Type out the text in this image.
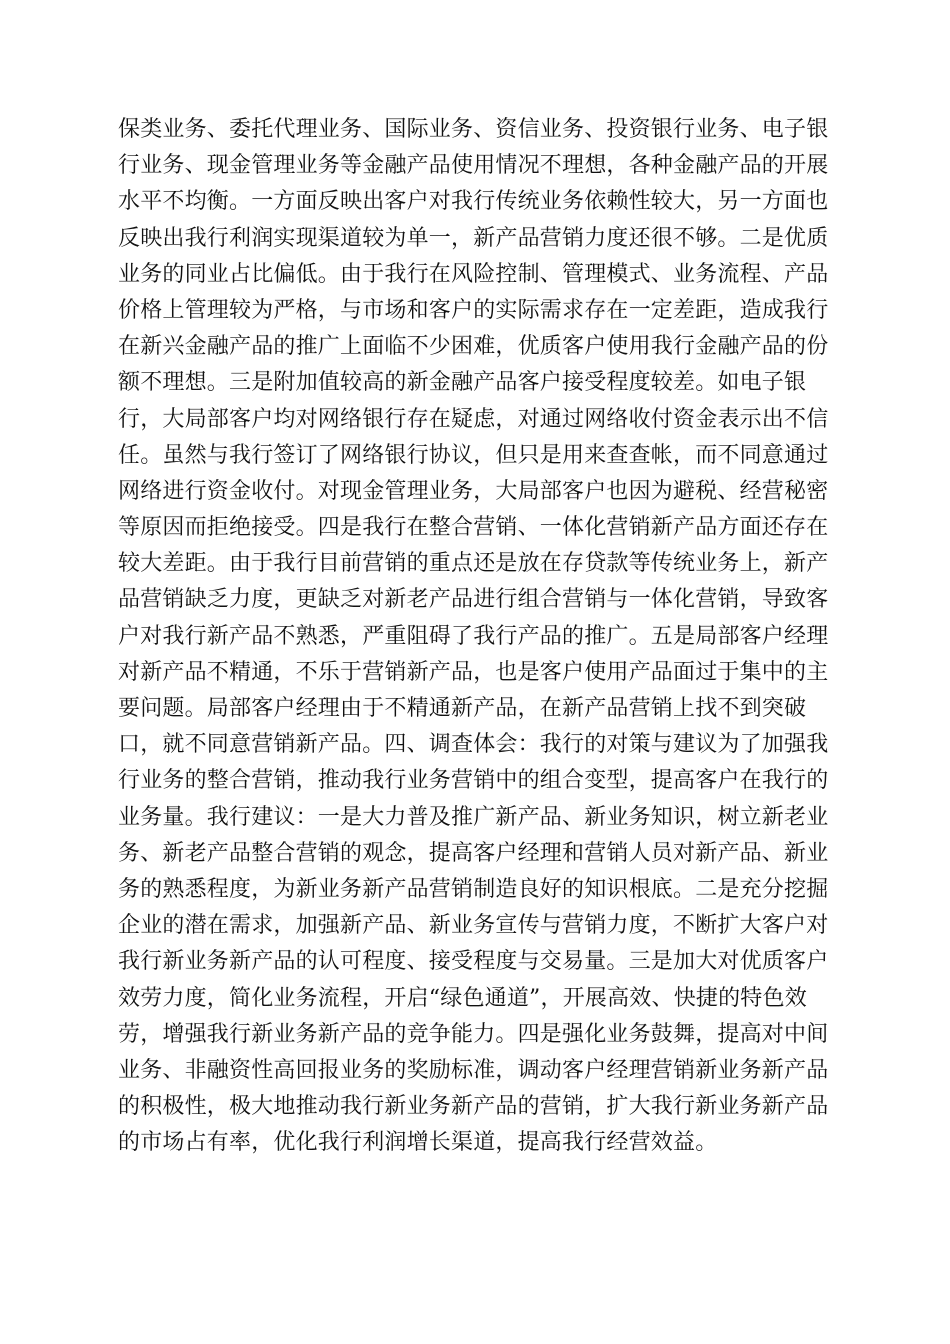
保类业务、委托代理业务、国际业务、资信业务、投资银行业务、电子银
行业务、现金管理业务等金融产品使用情况不理想，各种金融产品的开展
水平不均衡。一方面反映出客户对我行传统业务依赖性较大，另一方面也
反映出我行利润实现渠道较为单一，新产品营销力度还很不够。二是优质
业务的同业占比偏低。由于我行在风险控制、管理模式、业务流程、产品
价格上管理较为严格，与市场和客户的实际需求存在一定差距，造成我行
在新兴金融产品的推广上面临不少困难，优质客户使用我行金融产品的份
额不理想。三是附加值较高的新金融产品客户接受程度较差。如电子银
行，大局部客户均对网络银行存在疑虑，对通过网络收付资金表示出不信
任。虽然与我行签订了网络银行协议，但只是用来查查帐，而不同意通过
网络进行资金收付。对现金管理业务，大局部客户也因为避税、经营秘密
等原因而拒绝接受。四是我行在整合营销、一体化营销新产品方面还存在
较大差距。由于我行目前营销的重点还是放在存贷款等传统业务上，新产
品营销缺乏力度，更缺乏对新老产品进行组合营销与一体化营销，导致客
户对我行新产品不熟悉，严重阻碍了我行产品的推广。五是局部客户经理
对新产品不精通，不乐于营销新产品，也是客户使用产品面过于集中的主
要问题。局部客户经理由于不精通新产品，在新产品营销上找不到突破
口，就不同意营销新产品。四、调查体会：我行的对策与建议为了加强我
行业务的整合营销，推动我行业务营销中的组合变型，提高客户在我行的
业务量。我行建议：一是大力普及推广新产品、新业务知识，树立新老业
务、新老产品整合营销的观念，提高客户经理和营销人员对新产品、新业
务的熟悉程度，为新业务新产品营销制造良好的知识根底。二是充分挖掘
企业的潜在需求，加强新产品、新业务宣传与营销力度，不断扩大客户对
我行新业务新产品的认可程度、接受程度与交易量。三是加大对优质客户
效劳力度，简化业务流程，开启“绿色通道”，开展高效、快捷的特色效
劳，增强我行新业务新产品的竞争能力。四是强化业务鼓舞，提高对中间
业务、非融资性高回报业务的奖励标准，调动客户经理营销新业务新产品
的积极性，极大地推动我行新业务新产品的营销，扩大我行新业务新产品
的市场占有率，优化我行利润增长渠道，提高我行经营效益。
